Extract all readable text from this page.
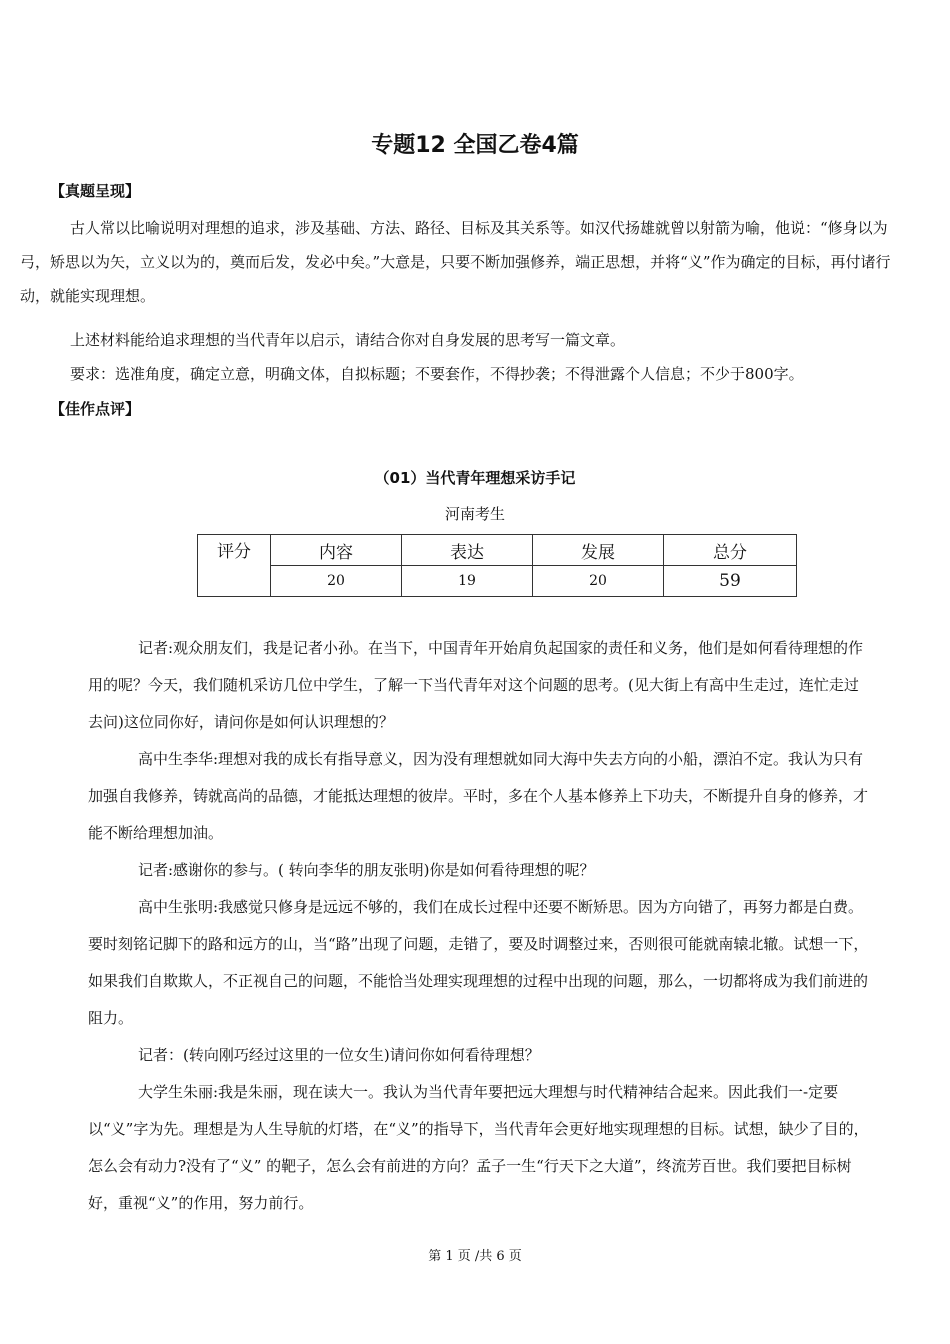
专题12 全国乙卷4篇
【真题呈现】
古人常以比喻说明对理想的追求，涉及基础、方法、路径、目标及其关系等。如汉代扬雄就曾以射箭为喻，他说：“修身以为弓，矫思以为矢，立义以为的，奠而后发，发必中矣。”大意是，只要不断加强修养，端正思想，并将“义”作为确定的目标，再付诸行动，就能实现理想。
上述材料能给追求理想的当代青年以启示，请结合你对自身发展的思考写一篇文章。
要求：选准角度，确定立意，明确文体，自拟标题；不要套作，不得抄袭；不得泄露个人信息；不少于800字。
【佳作点评】
（01）当代青年理想采访手记
河南考生
评分	内容	表达	发展	总分
	20	19	20	59
记者:观众朋友们，我是记者小孙。在当下，中国青年开始肩负起国家的责任和义务，他们是如何看待理想的作用的呢？今天，我们随机采访几位中学生，了解一下当代青年对这个问题的思考。(见大街上有高中生走过，连忙走过去问)这位同你好，请问你是如何认识理想的？
高中生李华:理想对我的成长有指导意义，因为没有理想就如同大海中失去方向的小船，漂泊不定。我认为只有加强自我修养，铸就高尚的品德，才能抵达理想的彼岸。平时，多在个人基本修养上下功夫，不断提升自身的修养，才能不断给理想加油。
记者:感谢你的参与。( 转向李华的朋友张明)你是如何看待理想的呢？
高中生张明:我感觉只修身是远远不够的，我们在成长过程中还要不断矫思。因为方向错了，再努力都是白费。要时刻铭记脚下的路和远方的山，当“路”出现了问题，走错了，要及时调整过来，否则很可能就南辕北辙。试想一下，如果我们自欺欺人，不正视自己的问题，不能恰当处理实现理想的过程中出现的问题，那么，一切都将成为我们前进的阻力。
记者：(转向刚巧经过这里的一位女生)请问你如何看待理想？
大学生朱丽:我是朱丽，现在读大一。我认为当代青年要把远大理想与时代精神结合起来。因此我们一-定要以“义”字为先。理想是为人生导航的灯塔，在“义”的指导下，当代青年会更好地实现理想的目标。试想，缺少了目的，怎么会有动力?没有了“义” 的靶子，怎么会有前进的方向？孟子一生“行天下之大道”，终流芳百世。我们要把目标树好，重视“义”的作用，努力前行。
第 1 页 /共 6 页
